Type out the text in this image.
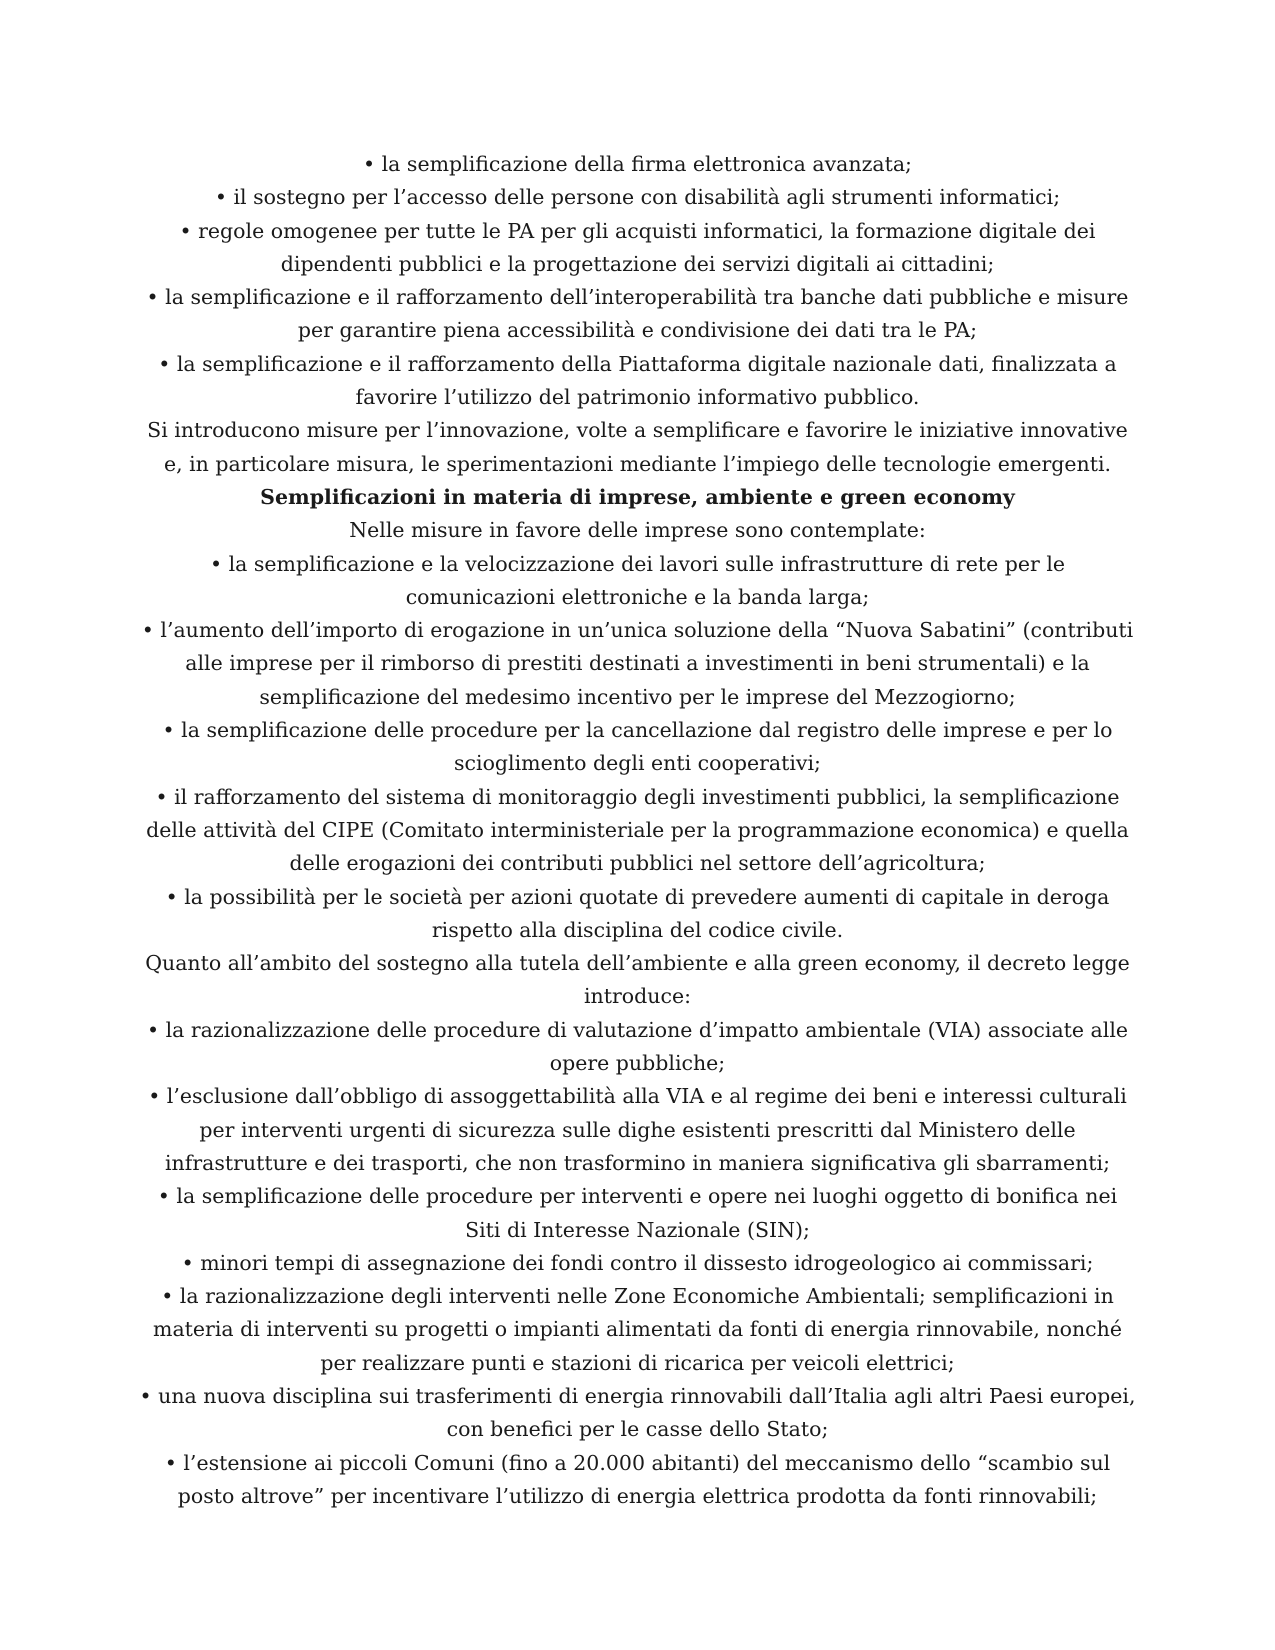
• la semplificazione della firma elettronica avanzata;

• il sostegno per l’accesso delle persone con disabilità agli strumenti informatici;

• regole omogenee per tutte le PA per gli acquisti informatici, la formazione digitale dei dipendenti pubblici e la progettazione dei servizi digitali ai cittadini;

• la semplificazione e il rafforzamento dell’interoperabilità tra banche dati pubbliche e misure per garantire piena accessibilità e condivisione dei dati tra le PA;

• la semplificazione e il rafforzamento della Piattaforma digitale nazionale dati, finalizzata a favorire l’utilizzo del patrimonio informativo pubblico.

Si introducono misure per l’innovazione, volte a semplificare e favorire le iniziative innovative e, in particolare misura, le sperimentazioni mediante l’impiego delle tecnologie emergenti.

Semplificazioni in materia di imprese, ambiente e green economy

Nelle misure in favore delle imprese sono contemplate:

• la semplificazione e la velocizzazione dei lavori sulle infrastrutture di rete per le comunicazioni elettroniche e la banda larga;

• l’aumento dell’importo di erogazione in un’unica soluzione della “Nuova Sabatini” (contributi alle imprese per il rimborso di prestiti destinati a investimenti in beni strumentali) e la semplificazione del medesimo incentivo per le imprese del Mezzogiorno;

• la semplificazione delle procedure per la cancellazione dal registro delle imprese e per lo scioglimento degli enti cooperativi;

• il rafforzamento del sistema di monitoraggio degli investimenti pubblici, la semplificazione delle attività del CIPE (Comitato interministeriale per la programmazione economica) e quella delle erogazioni dei contributi pubblici nel settore dell’agricoltura;

• la possibilità per le società per azioni quotate di prevedere aumenti di capitale in deroga rispetto alla disciplina del codice civile.

Quanto all’ambito del sostegno alla tutela dell’ambiente e alla green economy, il decreto legge introduce:

• la razionalizzazione delle procedure di valutazione d’impatto ambientale (VIA) associate alle opere pubbliche;

• l’esclusione dall’obbligo di assoggettabilità alla VIA e al regime dei beni e interessi culturali per interventi urgenti di sicurezza sulle dighe esistenti prescritti dal Ministero delle infrastrutture e dei trasporti, che non trasformino in maniera significativa gli sbarramenti;

• la semplificazione delle procedure per interventi e opere nei luoghi oggetto di bonifica nei Siti di Interesse Nazionale (SIN);

• minori tempi di assegnazione dei fondi contro il dissesto idrogeologico ai commissari;

• la razionalizzazione degli interventi nelle Zone Economiche Ambientali; semplificazioni in materia di interventi su progetti o impianti alimentati da fonti di energia rinnovabile, nonché per realizzare punti e stazioni di ricarica per veicoli elettrici;

• una nuova disciplina sui trasferimenti di energia rinnovabili dall’Italia agli altri Paesi europei, con benefici per le casse dello Stato;

• l’estensione ai piccoli Comuni (fino a 20.000 abitanti) del meccanismo dello “scambio sul posto altrove” per incentivare l’utilizzo di energia elettrica prodotta da fonti rinnovabili;
